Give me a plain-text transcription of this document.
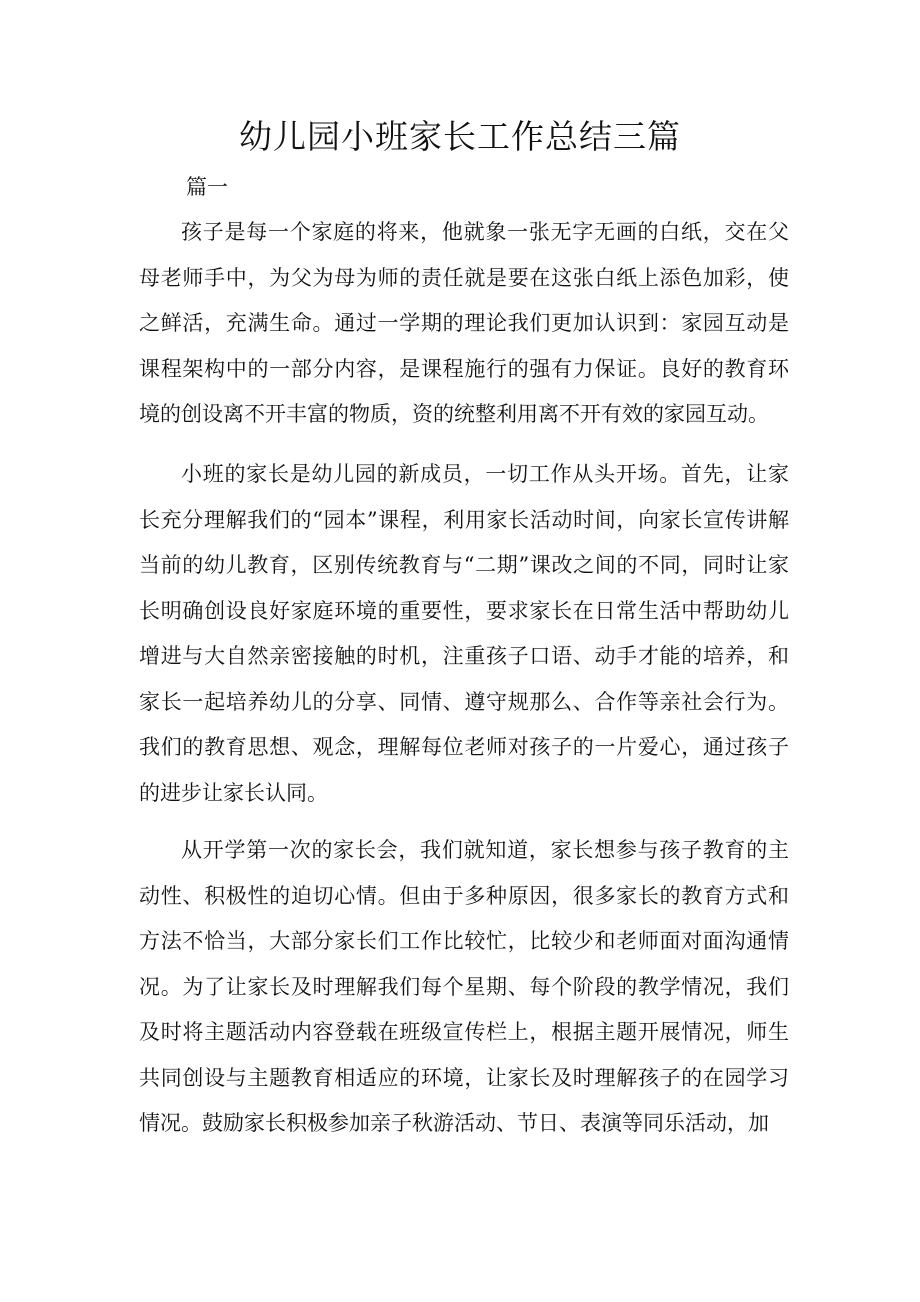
幼儿园小班家长工作总结三篇

篇一

孩子是每一个家庭的将来，他就象一张无字无画的白纸，交在父母老师手中，为父为母为师的责任就是要在这张白纸上添色加彩，使之鲜活，充满生命。通过一学期的理论我们更加认识到：家园互动是课程架构中的一部分内容，是课程施行的强有力保证。良好的教育环境的创设离不开丰富的物质，资的统整利用离不开有效的家园互动。

小班的家长是幼儿园的新成员，一切工作从头开场。首先，让家长充分理解我们的“园本”课程，利用家长活动时间，向家长宣传讲解当前的幼儿教育，区别传统教育与“二期”课改之间的不同，同时让家长明确创设良好家庭环境的重要性，要求家长在日常生活中帮助幼儿增进与大自然亲密接触的时机，注重孩子口语、动手才能的培养，和家长一起培养幼儿的分享、同情、遵守规那么、合作等亲社会行为。我们的教育思想、观念，理解每位老师对孩子的一片爱心，通过孩子的进步让家长认同。

从开学第一次的家长会，我们就知道，家长想参与孩子教育的主动性、积极性的迫切心情。但由于多种原因，很多家长的教育方式和方法不恰当，大部分家长们工作比较忙，比较少和老师面对面沟通情况。为了让家长及时理解我们每个星期、每个阶段的教学情况，我们及时将主题活动内容登载在班级宣传栏上，根据主题开展情况，师生共同创设与主题教育相适应的环境，让家长及时理解孩子的在园学习情况。鼓励家长积极参加亲子秋游活动、节日、表演等同乐活动，加
